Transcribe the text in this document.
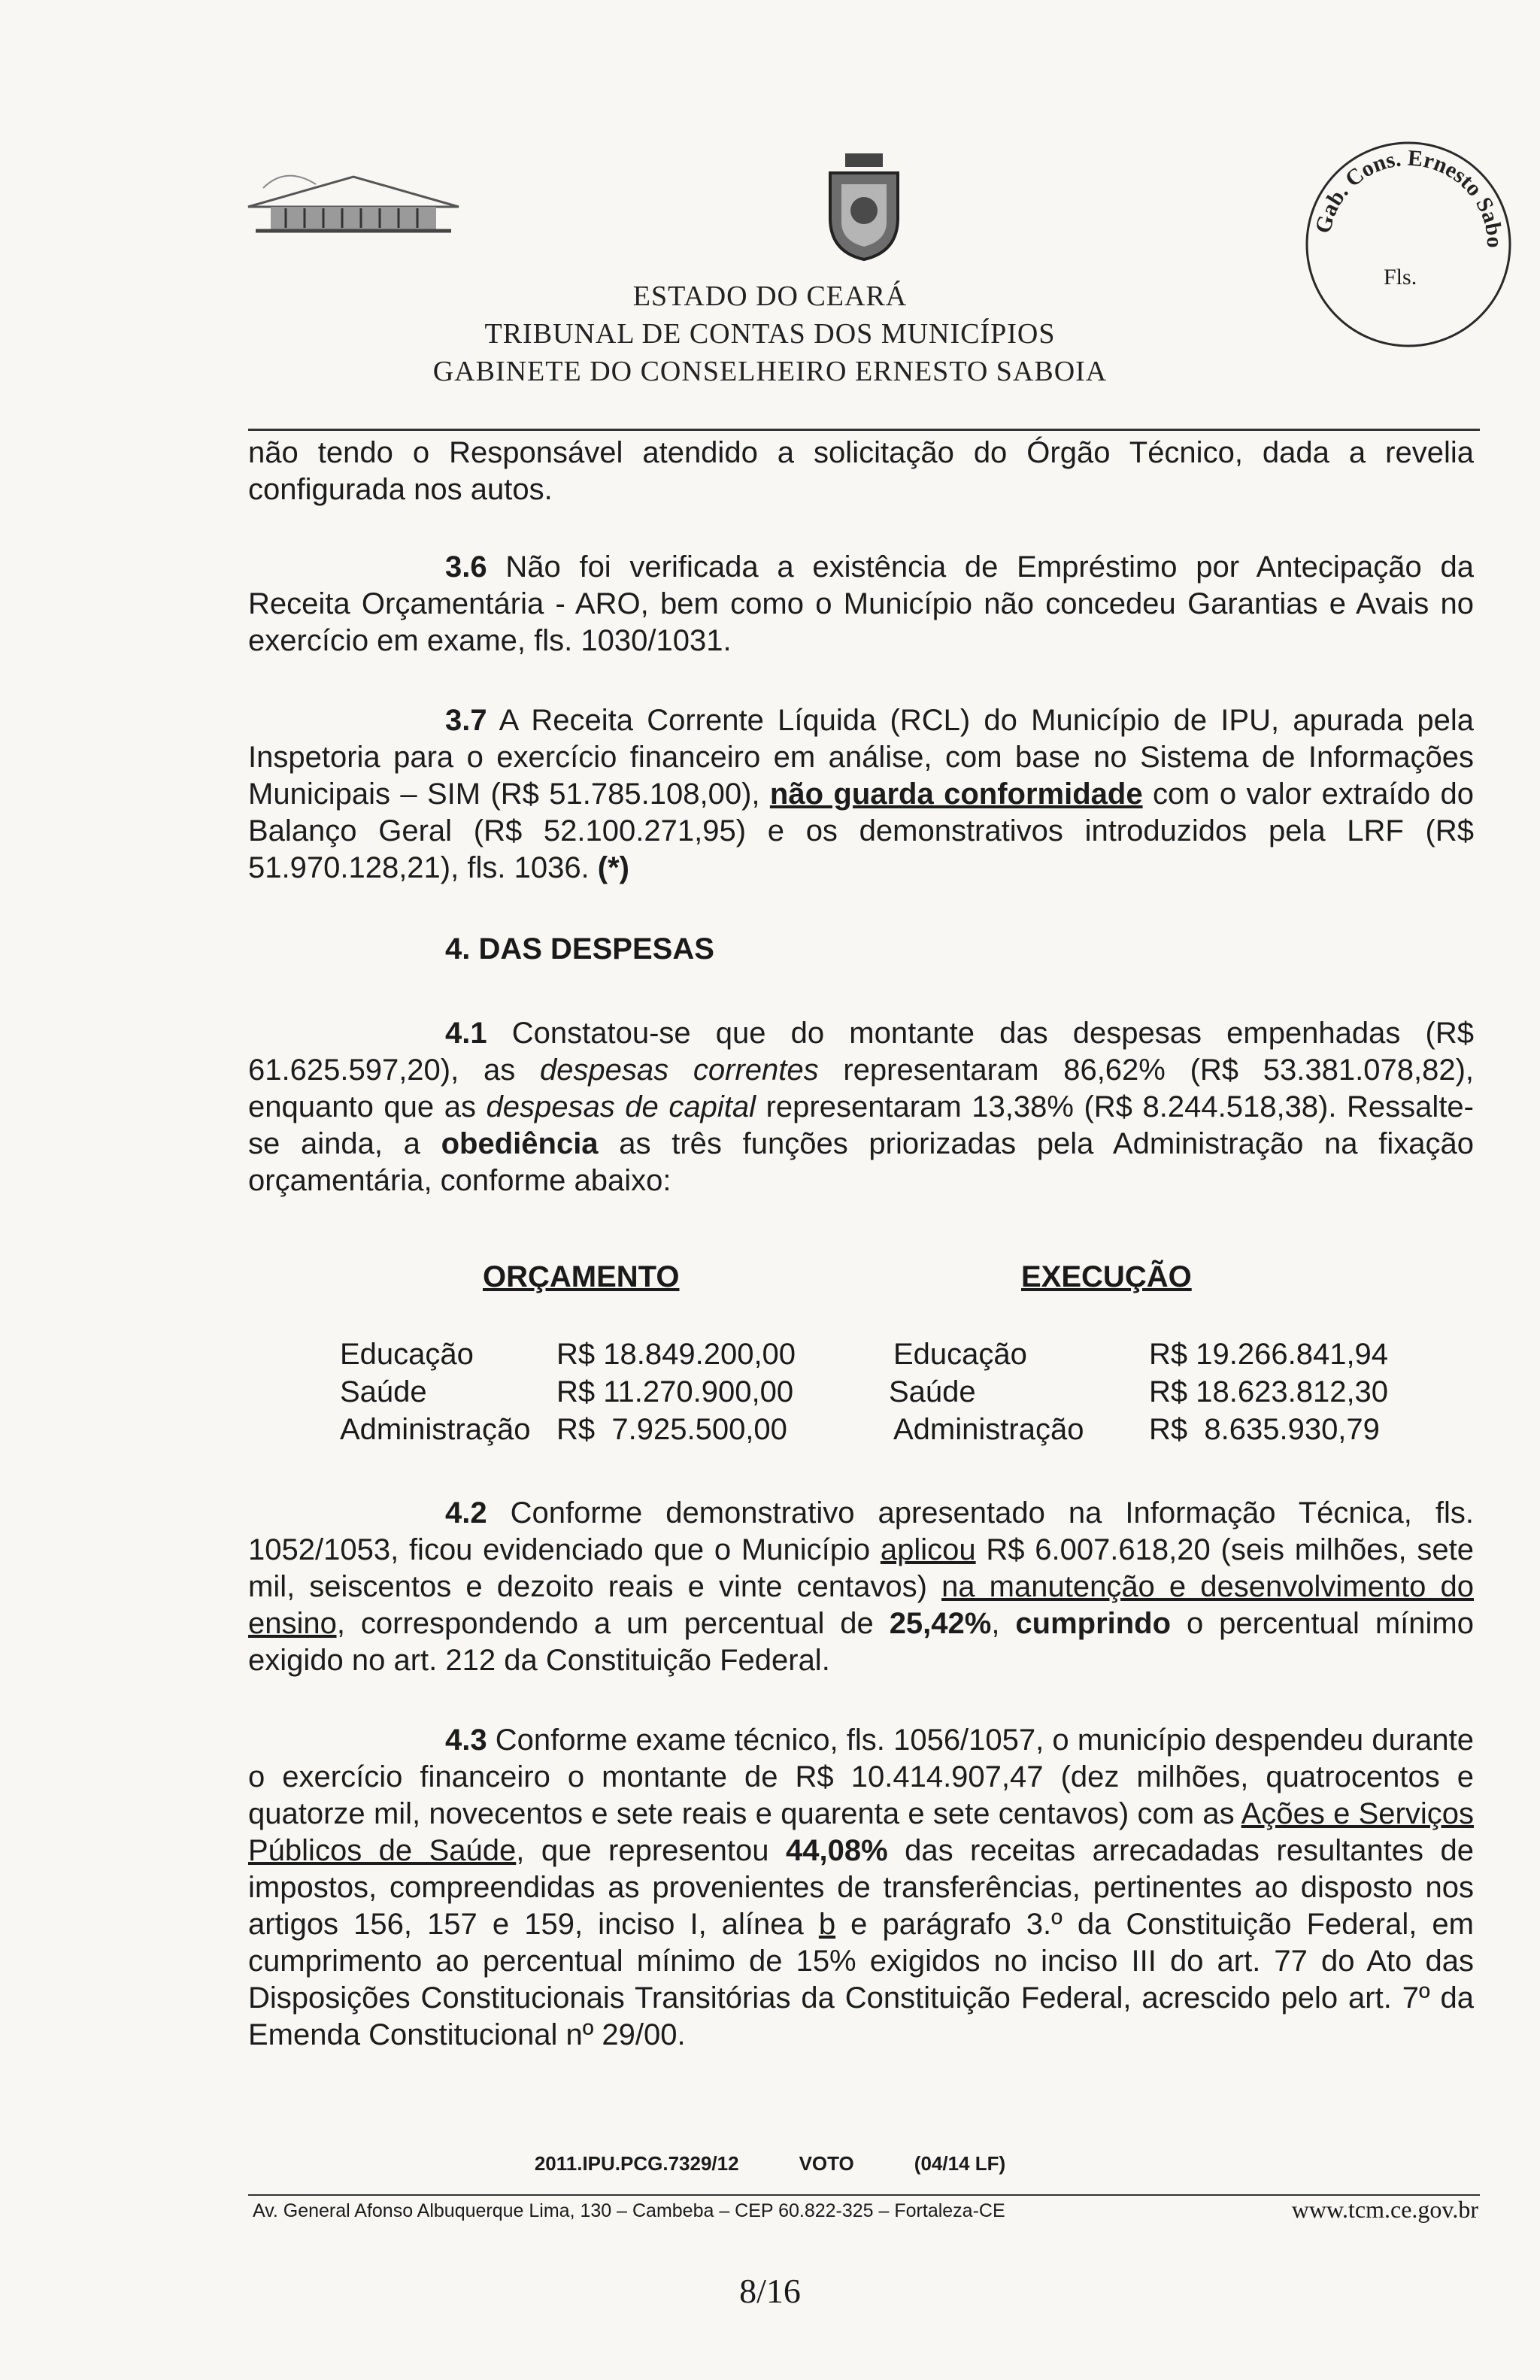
Gab. Cons. Ernesto Sabo
Fls.
ESTADO DO CEARÁ
TRIBUNAL DE CONTAS DOS MUNICÍPIOS
GABINETE DO CONSELHEIRO ERNESTO SABOIA
não tendo o Responsável atendido a solicitação do Órgão Técnico, dada a revelia configurada nos autos.
3.6 Não foi verificada a existência de Empréstimo por Antecipação da Receita Orçamentária - ARO, bem como o Município não concedeu Garantias e Avais no exercício em exame, fls. 1030/1031.
3.7 A Receita Corrente Líquida (RCL) do Município de IPU, apurada pela Inspetoria para o exercício financeiro em análise, com base no Sistema de Informações Municipais – SIM (R$ 51.785.108,00), não guarda conformidade com o valor extraído do Balanço Geral (R$ 52.100.271,95) e os demonstrativos introduzidos pela LRF (R$ 51.970.128,21), fls. 1036. (*)
4. DAS DESPESAS
4.1 Constatou-se que do montante das despesas empenhadas (R$ 61.625.597,20), as despesas correntes representaram 86,62% (R$ 53.381.078,82), enquanto que as despesas de capital representaram 13,38% (R$ 8.244.518,38). Ressalte-se ainda, a obediência as três funções priorizadas pela Administração na fixação orçamentária, conforme abaixo:
ORÇAMENTO	EXECUÇÃO
Educação	R$ 18.849.200,00	Educação	R$ 19.266.841,94
Saúde	R$ 11.270.900,00	Saúde	R$ 18.623.812,30
Administração R$  7.925.500,00	Administração R$  8.635.930,79
4.2 Conforme demonstrativo apresentado na Informação Técnica, fls. 1052/1053, ficou evidenciado que o Município aplicou R$ 6.007.618,20 (seis milhões, sete mil, seiscentos e dezoito reais e vinte centavos) na manutenção e desenvolvimento do ensino, correspondendo a um percentual de 25,42%, cumprindo o percentual mínimo exigido no art. 212 da Constituição Federal.
4.3 Conforme exame técnico, fls. 1056/1057, o município despendeu durante o exercício financeiro o montante de R$ 10.414.907,47 (dez milhões, quatrocentos e quatorze mil, novecentos e sete reais e quarenta e sete centavos) com as Ações e Serviços Públicos de Saúde, que representou 44,08% das receitas arrecadadas resultantes de impostos, compreendidas as provenientes de transferências, pertinentes ao disposto nos artigos 156, 157 e 159, inciso I, alínea b e parágrafo 3.º da Constituição Federal, em cumprimento ao percentual mínimo de 15% exigidos no inciso III do art. 77 do Ato das Disposições Constitucionais Transitórias da Constituição Federal, acrescido pelo art. 7º da Emenda Constitucional nº 29/00.
2011.IPU.PCG.7329/12	VOTO	(04/14 LF)
Av. General Afonso Albuquerque Lima, 130 – Cambeba – CEP 60.822-325 – Fortaleza-CE	www.tcm.ce.gov.br
8/16
